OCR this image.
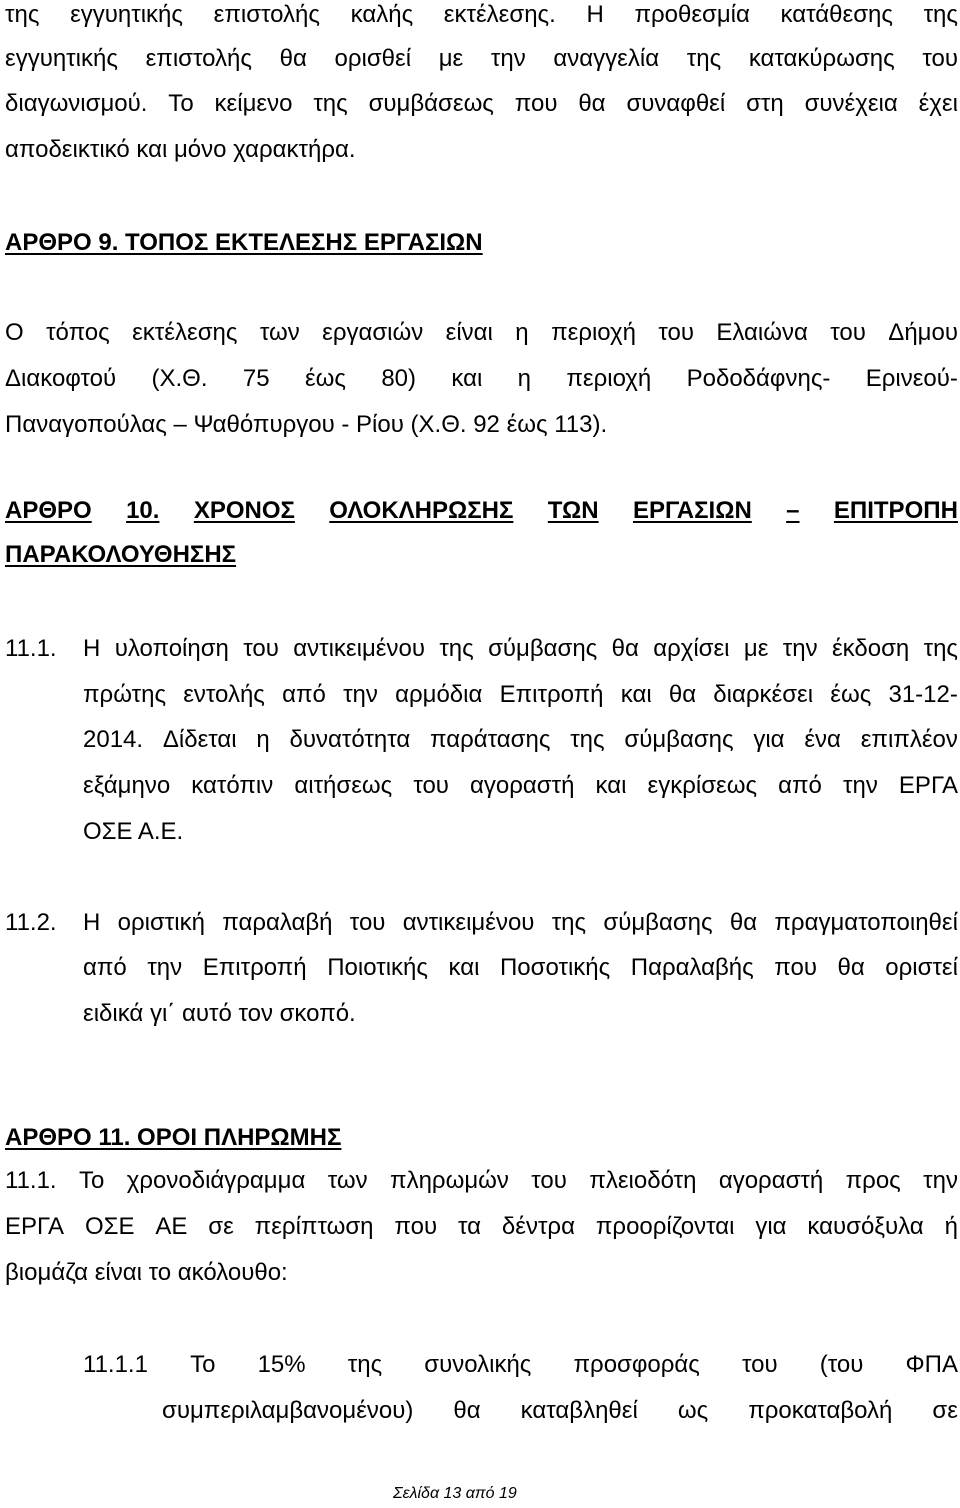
της εγγυητικής επιστολής καλής εκτέλεσης. Η προθεσμία κατάθεσης της
εγγυητικής επιστολής θα ορισθεί με την αναγγελία της κατακύρωσης του
διαγωνισμού. Το κείμενο της συμβάσεως που θα συναφθεί στη συνέχεια έχει
αποδεικτικό και μόνο χαρακτήρα.
ΑΡΘΡΟ 9. ΤΟΠΟΣ ΕΚΤΕΛΕΣΗΣ ΕΡΓΑΣΙΩΝ
Ο τόπος εκτέλεσης των εργασιών είναι η περιοχή του Ελαιώνα του Δήμου
Διακοφτού (Χ.Θ. 75 έως 80) και η περιοχή Ροδοδάφνης- Ερινεού-
Παναγοπούλας – Ψαθόπυργου - Ρίου (Χ.Θ. 92 έως 113).
ΑΡΘΡΟ 10. ΧΡΟΝΟΣ ΟΛΟΚΛΗΡΩΣΗΣ ΤΩΝ ΕΡΓΑΣΙΩΝ – ΕΠΙΤΡΟΠΗ
ΠΑΡΑΚΟΛΟΥΘΗΣΗΣ
11.1. Η υλοποίηση του αντικειμένου της σύμβασης θα αρχίσει με την έκδοση της
πρώτης εντολής από την αρμόδια Επιτροπή και θα διαρκέσει έως 31-12-
2014. Δίδεται η δυνατότητα παράτασης της σύμβασης για ένα επιπλέον
εξάμηνο κατόπιν αιτήσεως του αγοραστή και εγκρίσεως από την ΕΡΓΑ
ΟΣΕ Α.Ε.
11.2. Η οριστική παραλαβή του αντικειμένου της σύμβασης θα πραγματοποιηθεί
από την Επιτροπή Ποιοτικής και Ποσοτικής Παραλαβής που θα οριστεί
ειδικά γι΄ αυτό τον σκοπό.
ΑΡΘΡΟ 11. ΟΡΟΙ ΠΛΗΡΩΜΗΣ
11.1. Το χρονοδιάγραμμα των πληρωμών του πλειοδότη αγοραστή προς την
ΕΡΓΑ ΟΣΕ ΑΕ σε περίπτωση που τα δέντρα προορίζονται για καυσόξυλα ή
βιομάζα είναι το ακόλουθο:
11.1.1 Το 15% της συνολικής προσφοράς του (του ΦΠΑ
συμπεριλαμβανομένου) θα καταβληθεί ως προκαταβολή σε
Σελίδα 13 από 19
